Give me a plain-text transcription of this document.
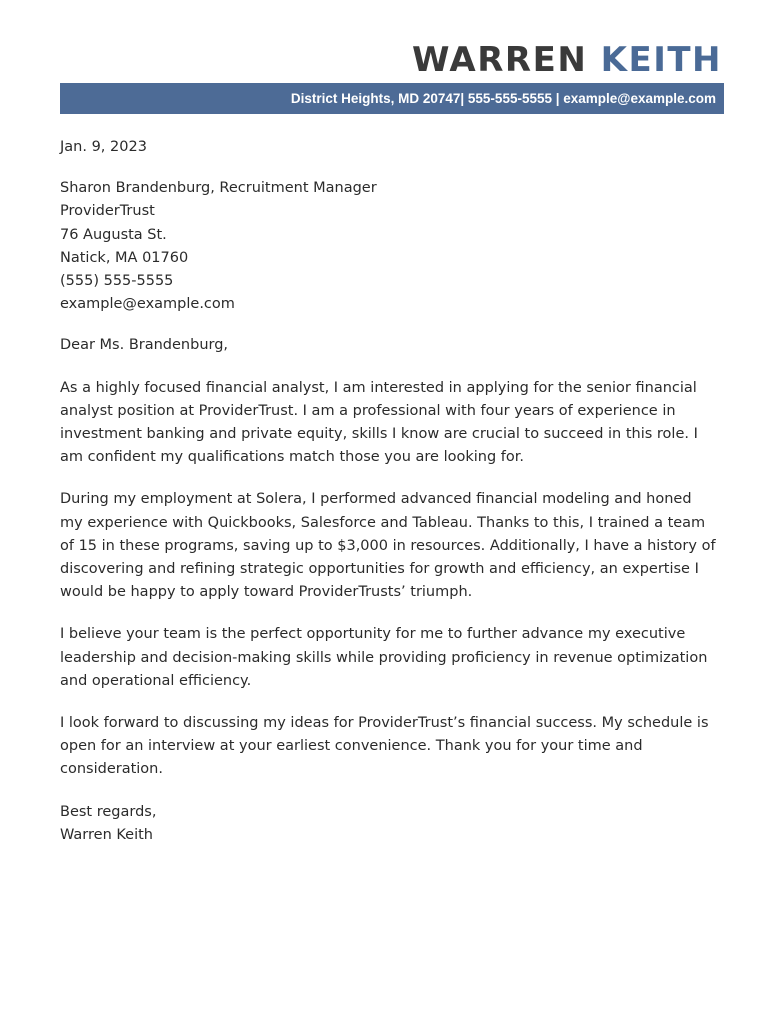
WARREN KEITH
District Heights, MD 20747| 555-555-5555 | example@example.com

Jan. 9, 2023

Sharon Brandenburg, Recruitment Manager
ProviderTrust
76 Augusta St.
Natick, MA 01760
(555) 555-5555
example@example.com

Dear Ms. Brandenburg,

As a highly focused financial analyst, I am interested in applying for the senior financial
analyst position at ProviderTrust. I am a professional with four years of experience in
investment banking and private equity, skills I know are crucial to succeed in this role. I
am confident my qualifications match those you are looking for.

During my employment at Solera, I performed advanced financial modeling and honed
my experience with Quickbooks, Salesforce and Tableau. Thanks to this, I trained a team
of 15 in these programs, saving up to $3,000 in resources. Additionally, I have a history of
discovering and refining strategic opportunities for growth and efficiency, an expertise I
would be happy to apply toward ProviderTrusts’ triumph.

I believe your team is the perfect opportunity for me to further advance my executive
leadership and decision-making skills while providing proficiency in revenue optimization
and operational efficiency.

I look forward to discussing my ideas for ProviderTrust’s financial success. My schedule is
open for an interview at your earliest convenience. Thank you for your time and
consideration.

Best regards,
Warren Keith
